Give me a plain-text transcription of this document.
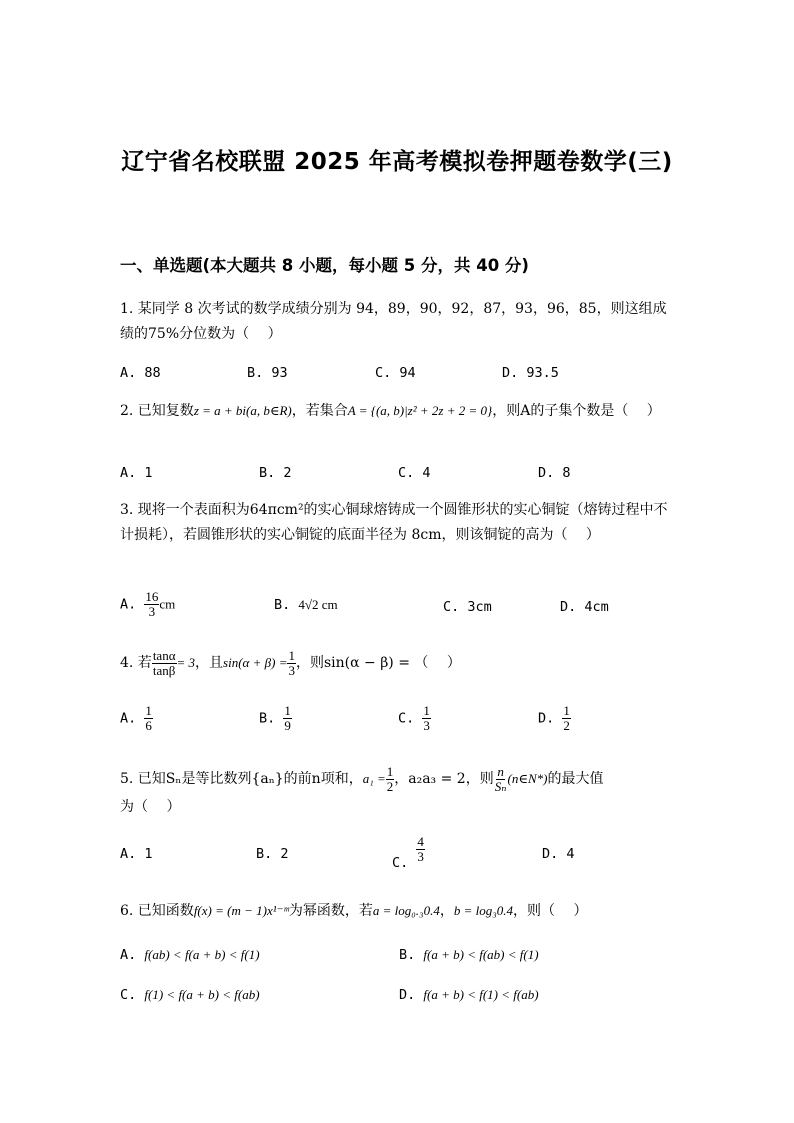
辽宁省名校联盟 2025 年高考模拟卷押题卷数学(三)
一、单选题(本大题共 8 小题，每小题 5 分，共 40 分)
1. 某同学 8 次考试的数学成绩分别为 94，89，90，92，87，93，96，85，则这组成绩的75%分位数为（　 ）
A. 88	B. 93	C. 94	D. 93.5
2. 已知复数z = a + bi(a, b∈R)，若集合A = {(a, b)|z² + 2z + 2 = 0}，则A的子集个数是（　 ）
A. 1	B. 2	C. 4	D. 8
3. 现将一个表面积为64πcm²的实心铜球熔铸成一个圆锥形状的实心铜锭（熔铸过程中不计损耗），若圆锥形状的实心铜锭的底面半径为 8cm，则该铜锭的高为（　 ）
A. $\frac{16}{3}$ cm	B. 4√2 cm	C. 3cm	D. 4cm
4. 若 $\frac{\tan\alpha}{\tan\beta} = 3$，且$\sin(\alpha + \beta) = \frac{1}{3}$ ，则sin(α − β) = （　 ）
A. $\frac{1}{6}$	B. $\frac{1}{9}$	C. $\frac{1}{3}$	D. $\frac{1}{2}$
5. 已知Sₙ是等比数列{aₙ}的前n项和，$a_1 = \frac{1}{2}$ ，a₂a₃ = 2，则 $\frac{n}{\text{Sₙ}}$ (n∈N*)的最大值
为（　 ）
A. 1	B. 2
C. $\frac{4}{3}$	D. 4
6. 已知函数f(x) = (m − 1)x¹⁻ᵐ为幂函数，若a = log₀.₃0.4，b = log₃0.4，则（　 ）
A. f(ab) < f(a + b) < f(1)	B. f(a + b) < f(ab) < f(1)
C. f(1) < f(a + b) < f(ab)	D. f(a + b) < f(1) < f(ab)
